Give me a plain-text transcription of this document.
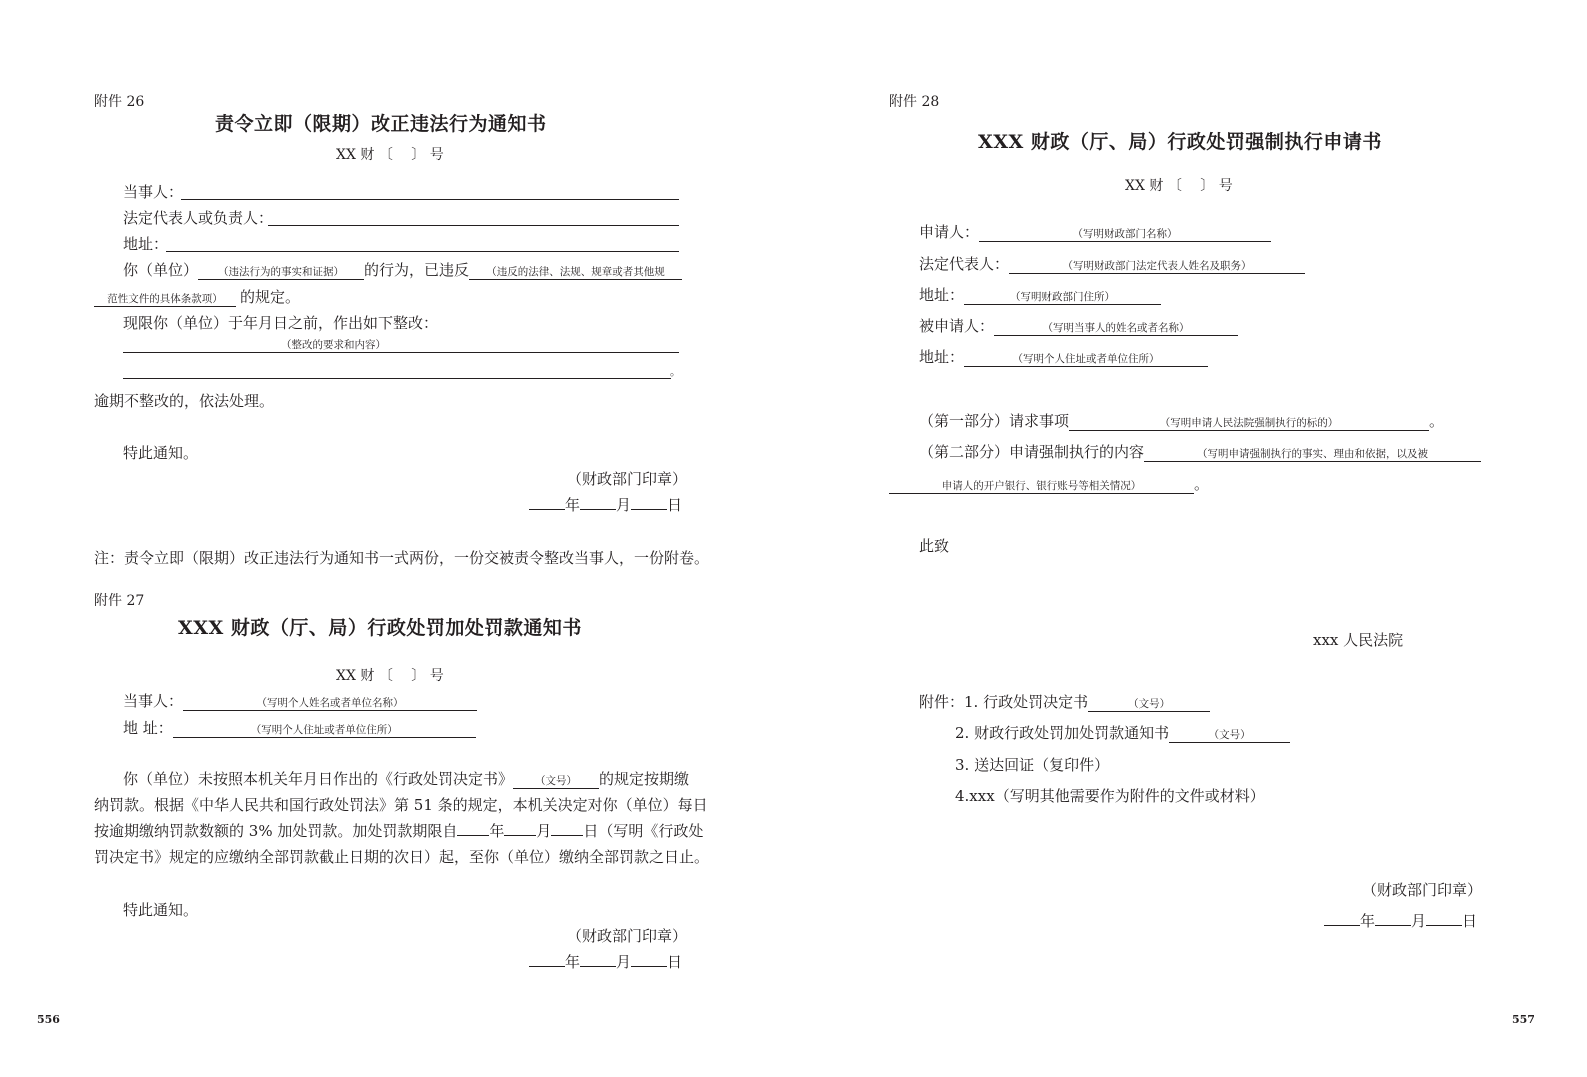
附件 26
责令立即（限期）改正违法行为通知书
XX 财 〔　 〕 号
当事人：
法定代表人或负责人：
地址：
你（单位） （违法行为的事实和证据） 的行为，已违反 （违反的法律、法规、规章或者其他规
范性文件的具体条款项） 的规定。
现限你（单位）于年月日之前，作出如下整改：
（整改的要求和内容）
。
逾期不整改的，依法处理。
特此通知。
（财政部门印章）
年 月 日
注：责令立即（限期）改正违法行为通知书一式两份，一份交被责令整改当事人，一份附卷。
附件 27
XXX 财政（厅、局）行政处罚加处罚款通知书
XX 财 〔　 〕 号
当事人：	（写明个人姓名或者单位名称）
地 址：	（写明个人住址或者单位住所）
你（单位）未按照本机关年月日作出的《行政处罚决定书》 （文号） 的规定按期缴
纳罚款。根据《中华人民共和国行政处罚法》第 51 条的规定，本机关决定对你（单位）每日
按逾期缴纳罚款数额的 3% 加处罚款。加处罚款期限自 年 月 日（写明《行政处
罚决定书》规定的应缴纳全部罚款截止日期的次日）起，至你（单位）缴纳全部罚款之日止。
特此通知。
（财政部门印章）
年 月 日
556
附件 28
XXX 财政（厅、局）行政处罚强制执行申请书
XX 财 〔　 〕 号
申请人：	（写明财政部门名称）
法定代表人：	（写明财政部门法定代表人姓名及职务）
地址：	（写明财政部门住所）
被申请人：	（写明当事人的姓名或者名称）
地址：	（写明个人住址或者单位住所）
（第一部分）请求事项	（写明申请人民法院强制执行的标的）	。
（第二部分）申请强制执行的内容	（写明申请强制执行的事实、理由和依据，以及被
申请人的开户银行、银行账号等相关情况）	。
此致
xxx 人民法院
附件：1. 行政处罚决定书	（文号）
2. 财政行政处罚加处罚款通知书	（文号）
3. 送达回证（复印件）
4.xxx（写明其他需要作为附件的文件或材料）
（财政部门印章）
年 月 日
557
